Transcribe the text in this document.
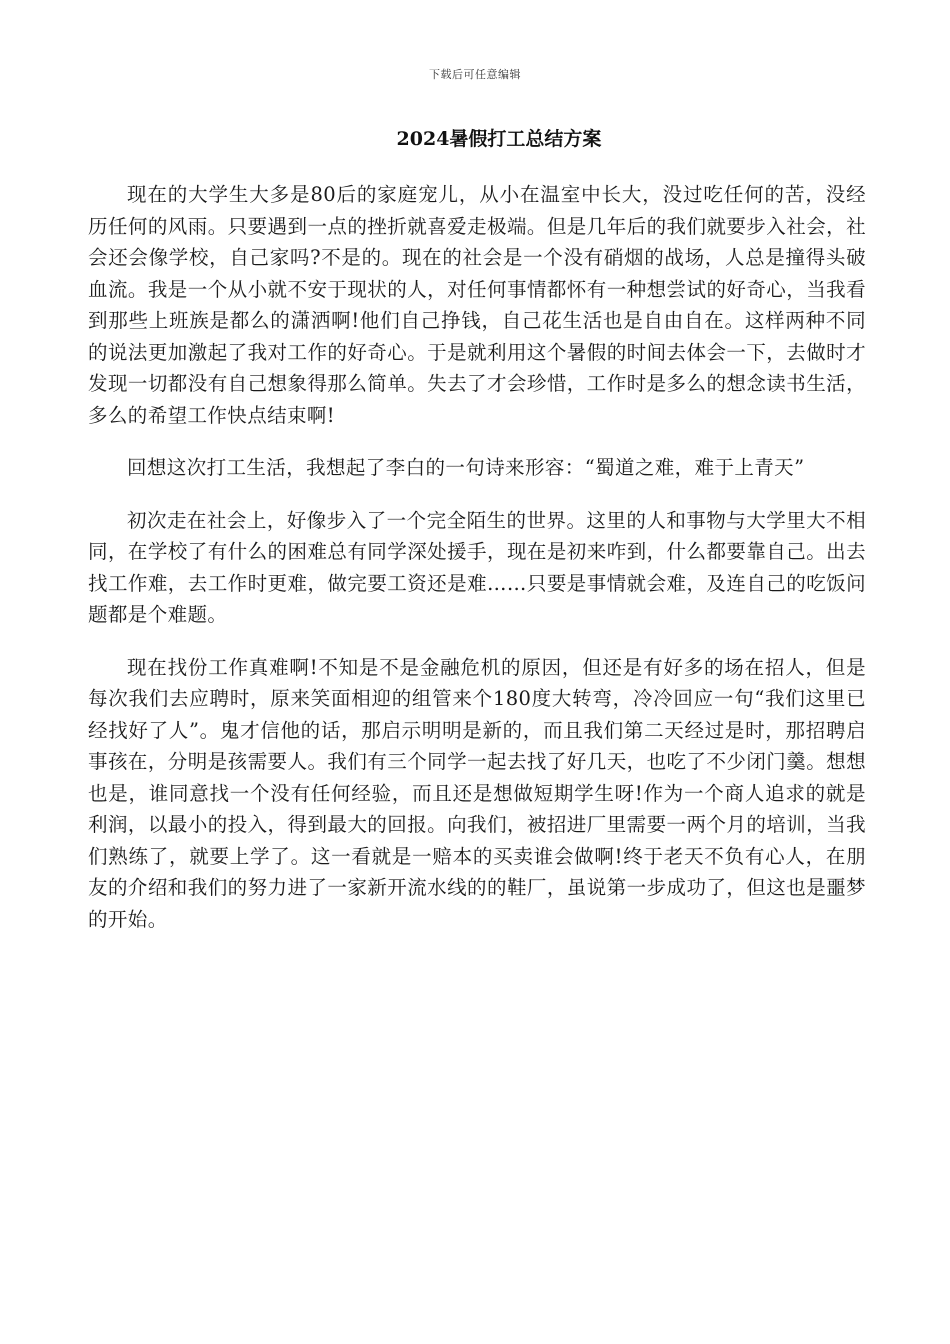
下载后可任意编辑
2024暑假打工总结方案

现在的大学生大多是80后的家庭宠儿，从小在温室中长大，没过吃任何的苦，没经历任何的风雨。只要遇到一点的挫折就喜爱走极端。但是几年后的我们就要步入社会，社会还会像学校，自己家吗?不是的。现在的社会是一个没有硝烟的战场，人总是撞得头破血流。我是一个从小就不安于现状的人，对任何事情都怀有一种想尝试的好奇心，当我看到那些上班族是都么的潇洒啊!他们自己挣钱，自己花生活也是自由自在。这样两种不同的说法更加激起了我对工作的好奇心。于是就利用这个暑假的时间去体会一下，去做时才发现一切都没有自己想象得那么简单。失去了才会珍惜，工作时是多么的想念读书生活，多么的希望工作快点结束啊!

回想这次打工生活，我想起了李白的一句诗来形容：“蜀道之难，难于上青天”

初次走在社会上，好像步入了一个完全陌生的世界。这里的人和事物与大学里大不相同，在学校了有什么的困难总有同学深处援手，现在是初来咋到，什么都要靠自己。出去找工作难，去工作时更难，做完要工资还是难……只要是事情就会难，及连自己的吃饭问题都是个难题。

现在找份工作真难啊!不知是不是金融危机的原因，但还是有好多的场在招人，但是每次我们去应聘时，原来笑面相迎的组管来个180度大转弯，冷冷回应一句“我们这里已经找好了人”。鬼才信他的话，那启示明明是新的，而且我们第二天经过是时，那招聘启事孩在，分明是孩需要人。我们有三个同学一起去找了好几天，也吃了不少闭门羹。想想也是，谁同意找一个没有任何经验，而且还是想做短期学生呀!作为一个商人追求的就是利润，以最小的投入，得到最大的回报。向我们，被招进厂里需要一两个月的培训，当我们熟练了，就要上学了。这一看就是一赔本的买卖谁会做啊!终于老天不负有心人，在朋友的介绍和我们的努力进了一家新开流水线的的鞋厂，虽说第一步成功了，但这也是噩梦的开始。
